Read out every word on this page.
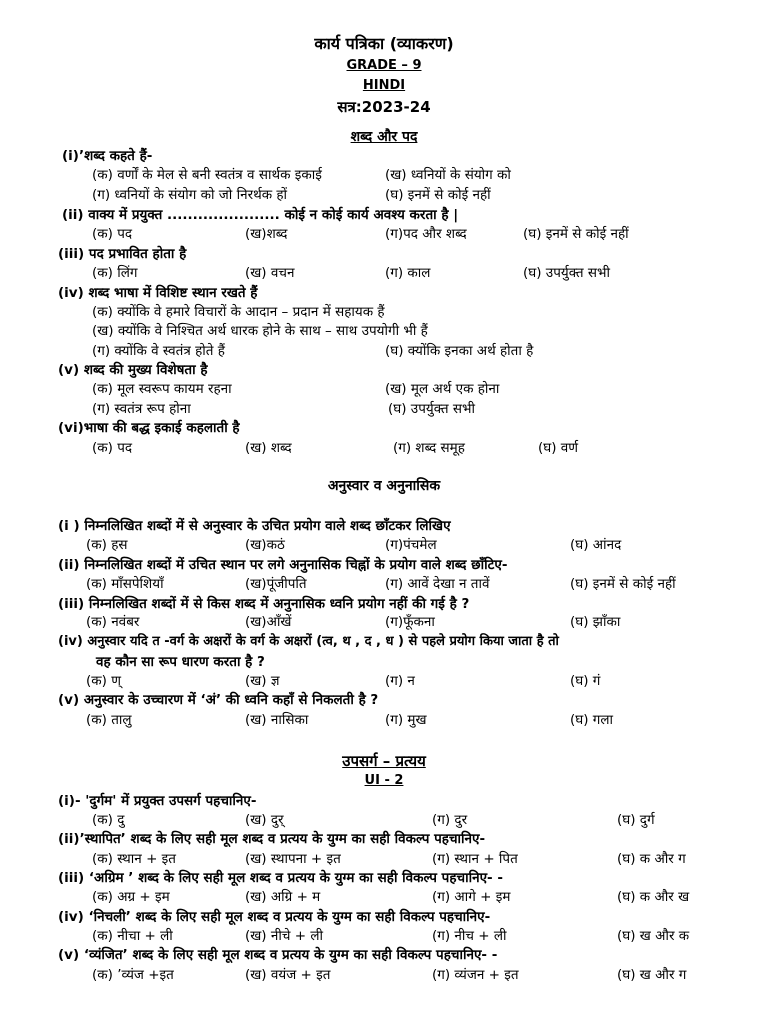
कार्य पत्रिका (व्याकरण)
GRADE – 9
HINDI
सत्र:2023-24
शब्द और पद
(i)’शब्द कहते हैं-
(क) वर्णों के मेल से बनी स्वतंत्र व सार्थक इकाई	(ख) ध्वनियों के संयोग को
(ग) ध्वनियों के संयोग को जो निरर्थक हों	(घ) इनमें से कोई नहीं
(ii) वाक्य में प्रयुक्त ...................... कोई न कोई कार्य अवश्य करता है |
(क) पद	(ख)शब्द	(ग)पद और शब्द	(घ) इनमें से कोई नहीं
(iii) पद प्रभावित होता है
(क) लिंग	(ख) वचन	(ग) काल	(घ) उपर्युक्त सभी
(iv) शब्द भाषा में विशिष्ट स्थान रखते हैं
(क) क्योंकि वे हमारे विचारों के आदान – प्रदान में सहायक हैं
(ख) क्योंकि वे निश्चित अर्थ धारक होने के साथ – साथ उपयोगी भी हैं
(ग) क्योंकि वे स्वतंत्र होते हैं	(घ) क्योंकि इनका अर्थ होता है
(v) शब्द की मुख्य विशेषता है
(क) मूल स्वरूप कायम रहना	(ख) मूल अर्थ एक होना
(ग) स्वतंत्र रूप होना	(घ) उपर्युक्त सभी
(vi)भाषा की बद्ध इकाई कहलाती है
(क) पद	(ख) शब्द	(ग) शब्द समूह	(घ) वर्ण
अनुस्वार व अनुनासिक
(i ) निम्नलिखित शब्दों में से अनुस्वार के उचित प्रयोग वाले शब्द छाँटकर लिखिए
(क) हस	(ख)कठं	(ग)पंचमेल	(घ) आंनद
(ii) निम्नलिखित शब्दों में उचित स्थान पर लगे अनुनासिक चिह्नों के प्रयोग वाले शब्द छाँटिए-
(क) माँसपेशियाँ	(ख)पूंजीपति	(ग) आवें देखा न तावें	(घ) इनमें से कोई नहीं
(iii) निम्नलिखित शब्दों में से किस शब्द में अनुनासिक ध्वनि प्रयोग नहीं की गई है ?
(क) नवंबर	(ख)आँखें	(ग)फूँकना	(घ) झाँका
(iv) अनुस्वार यदि त -वर्ग के अक्षरों के वर्ग के अक्षरों (त्व, थ , द , ध ) से पहले प्रयोग किया जाता है तो
वह कौन सा रूप धारण करता है ?
(क) ण्	(ख) ज्ञ	(ग) न	(घ) गं
(v) अनुस्वार के उच्चारण में ‘अं’ की ध्वनि कहाँ से निकलती है ?
(क) तालु	(ख) नासिका	(ग) मुख	(घ) गला
उपसर्ग – प्रत्यय
UI - 2
(i)- 'दुर्गम' में प्रयुक्त उपसर्ग पहचानिए-
(क) दु	(ख) दुर्	(ग) दुर	(घ) दुर्ग
(ii)’स्थापित’ शब्द के लिए सही मूल शब्द व प्रत्यय के युग्म का सही विकल्प पहचानिए-
(क) स्थान + इत	(ख) स्थापना + इत	(ग) स्थान + पित	(घ) क और ग
(iii) ‘अग्रिम ’ शब्द के लिए सही मूल शब्द व प्रत्यय के युग्म का सही विकल्प पहचानिए- -
(क) अग्र + इम	(ख) अग्रि + म	(ग) आगे + इम	(घ) क और ख
(iv) ‘निचली’ शब्द के लिए सही मूल शब्द व प्रत्यय के युग्म का सही विकल्प पहचानिए-
(क) नीचा + ली	(ख) नीचे + ली	(ग) नीच + ली	(घ) ख और क
(v) ‘व्यंजित’ शब्द के लिए सही मूल शब्द व प्रत्यय के युग्म का सही विकल्प पहचानिए- -
(क) ’व्यंज +इत	(ख) वयंज + इत	(ग) व्यंजन + इत	(घ) ख और ग
